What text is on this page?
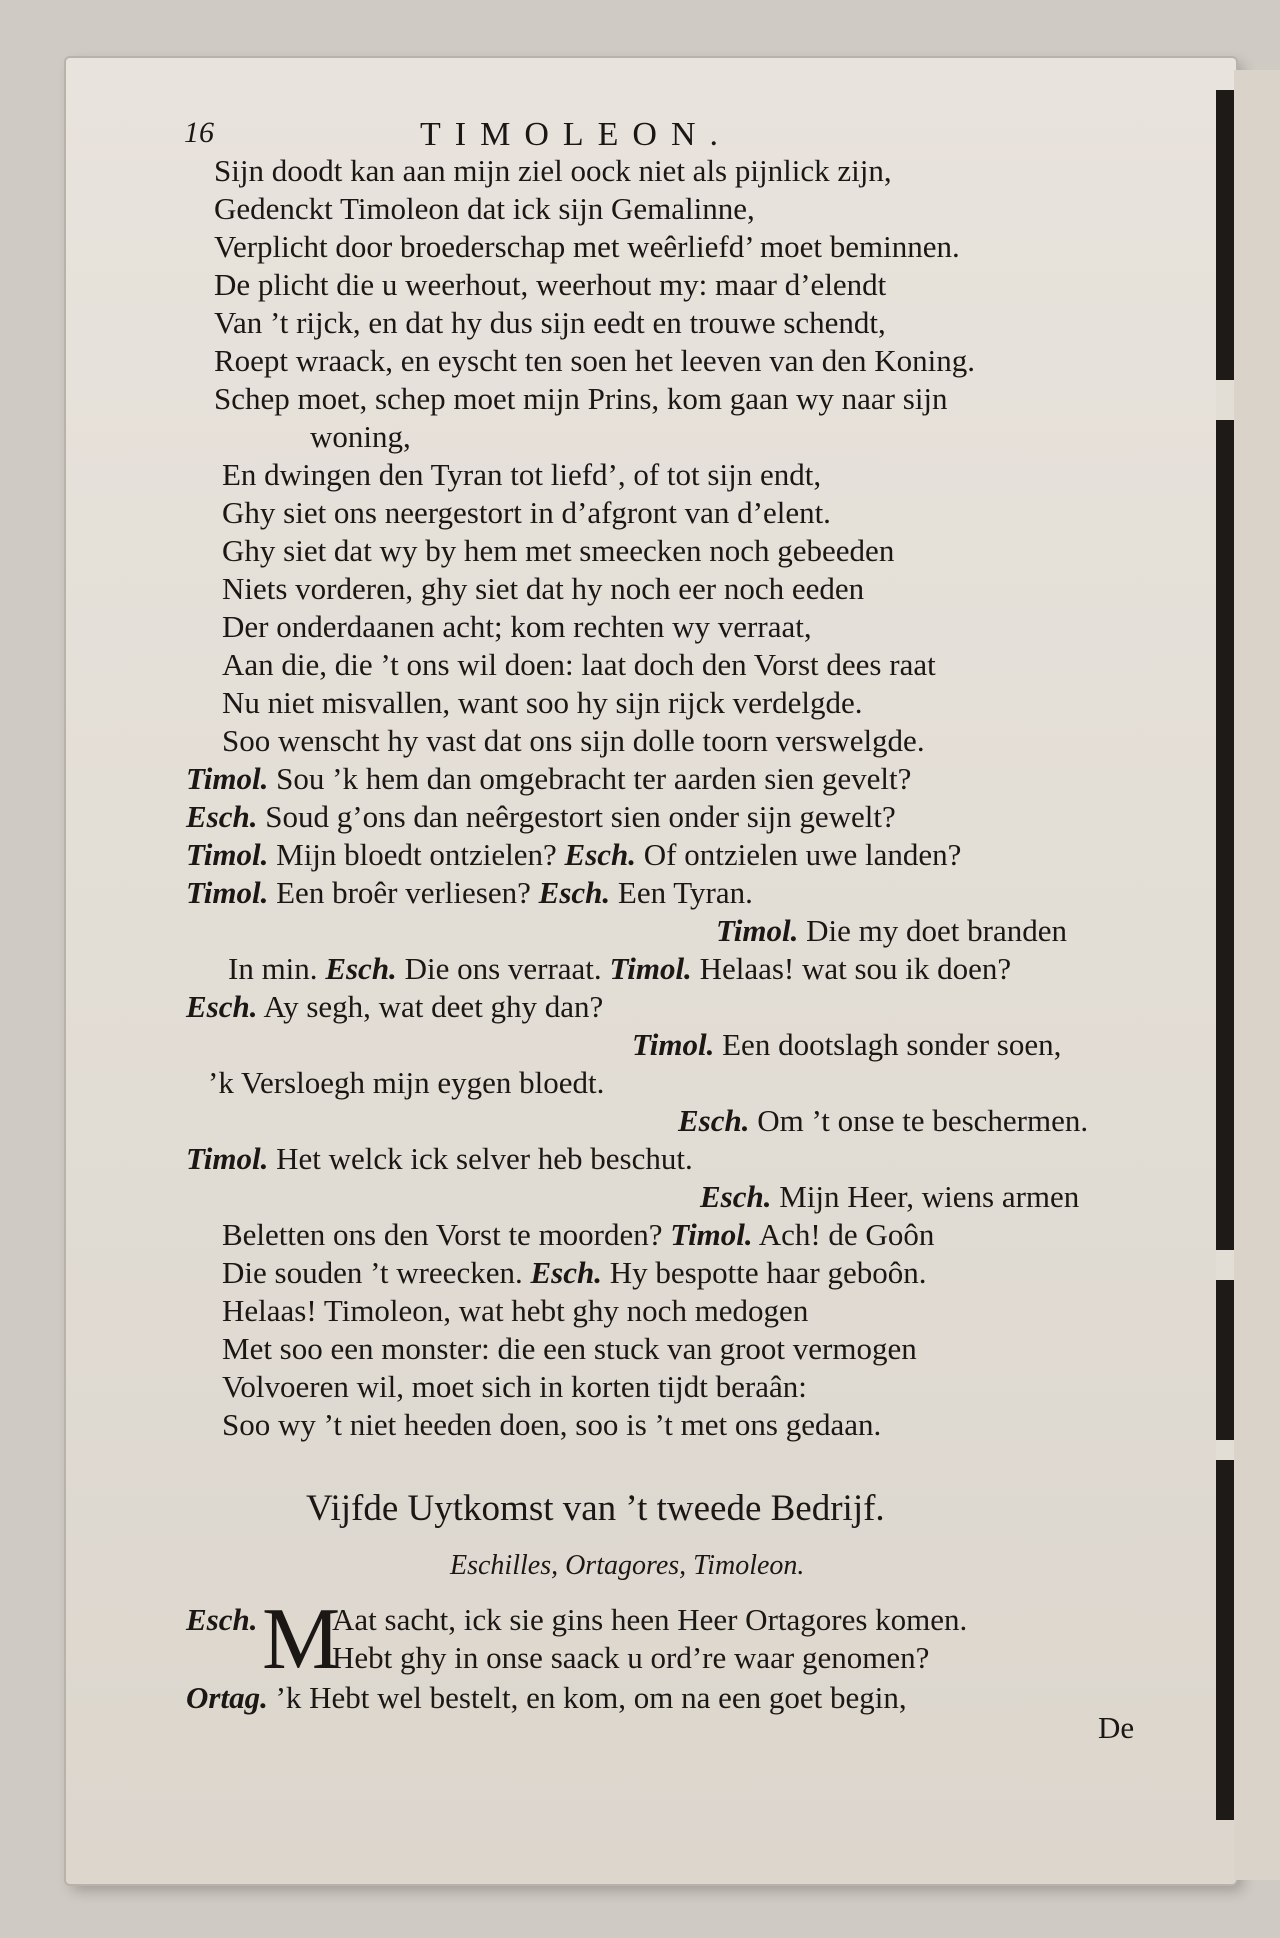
16	TIMOLEON.
Sijn doodt kan aan mijn ziel oock niet als pijnlick zijn,
Gedenckt Timoleon dat ick sijn Gemalinne,
Verplicht door broederschap met weêrliefd’ moet beminnen.
De plicht die u weerhout, weerhout my: maar d’elendt
Van ’t rijck, en dat hy dus sijn eedt en trouwe schendt,
Roept wraack, en eyscht ten soen het leeven van den Koning.
Schep moet, schep moet mijn Prins, kom gaan wy naar sijn
woning,
En dwingen den Tyran tot liefd’, of tot sijn endt,
Ghy siet ons neergestort in d’afgront van d’elent.
Ghy siet dat wy by hem met smeecken noch gebeeden
Niets vorderen, ghy siet dat hy noch eer noch eeden
Der onderdaanen acht; kom rechten wy verraat,
Aan die, die ’t ons wil doen: laat doch den Vorst dees raat
Nu niet misvallen, want soo hy sijn rijck verdelgde.
Soo wenscht hy vast dat ons sijn dolle toorn verswelgde.
Timol. Sou ’k hem dan omgebracht ter aarden sien gevelt?
Esch. Soud g’ons dan neêrgestort sien onder sijn gewelt?
Timol. Mijn bloedt ontzielen? Esch. Of ontzielen uwe landen?
Timol. Een broêr verliesen? Esch. Een Tyran.
Timol. Die my doet branden
In min. Esch. Die ons verraat. Timol. Helaas! wat sou ik doen?
Esch. Ay segh, wat deet ghy dan?
Timol. Een dootslagh sonder soen,
’k Versloegh mijn eygen bloedt.
Esch. Om ’t onse te beschermen.
Timol. Het welck ick selver heb beschut.
Esch. Mijn Heer, wiens armen
Beletten ons den Vorst te moorden? Timol. Ach! de Goôn
Die souden ’t wreecken. Esch. Hy bespotte haar geboôn.
Helaas! Timoleon, wat hebt ghy noch medogen
Met soo een monster: die een stuck van groot vermogen
Volvoeren wil, moet sich in korten tijdt beraân:
Soo wy ’t niet heeden doen, soo is ’t met ons gedaan.
Vijfde Uytkomst van ’t tweede Bedrijf.
Eschilles, Ortagores, Timoleon.
Esch. M
Aat sacht, ick sie gins heen Heer Ortagores komen.
Hebt ghy in onse saack u ord’re waar genomen?
Ortag. ’k Hebt wel bestelt, en kom, om na een goet begin,
De
